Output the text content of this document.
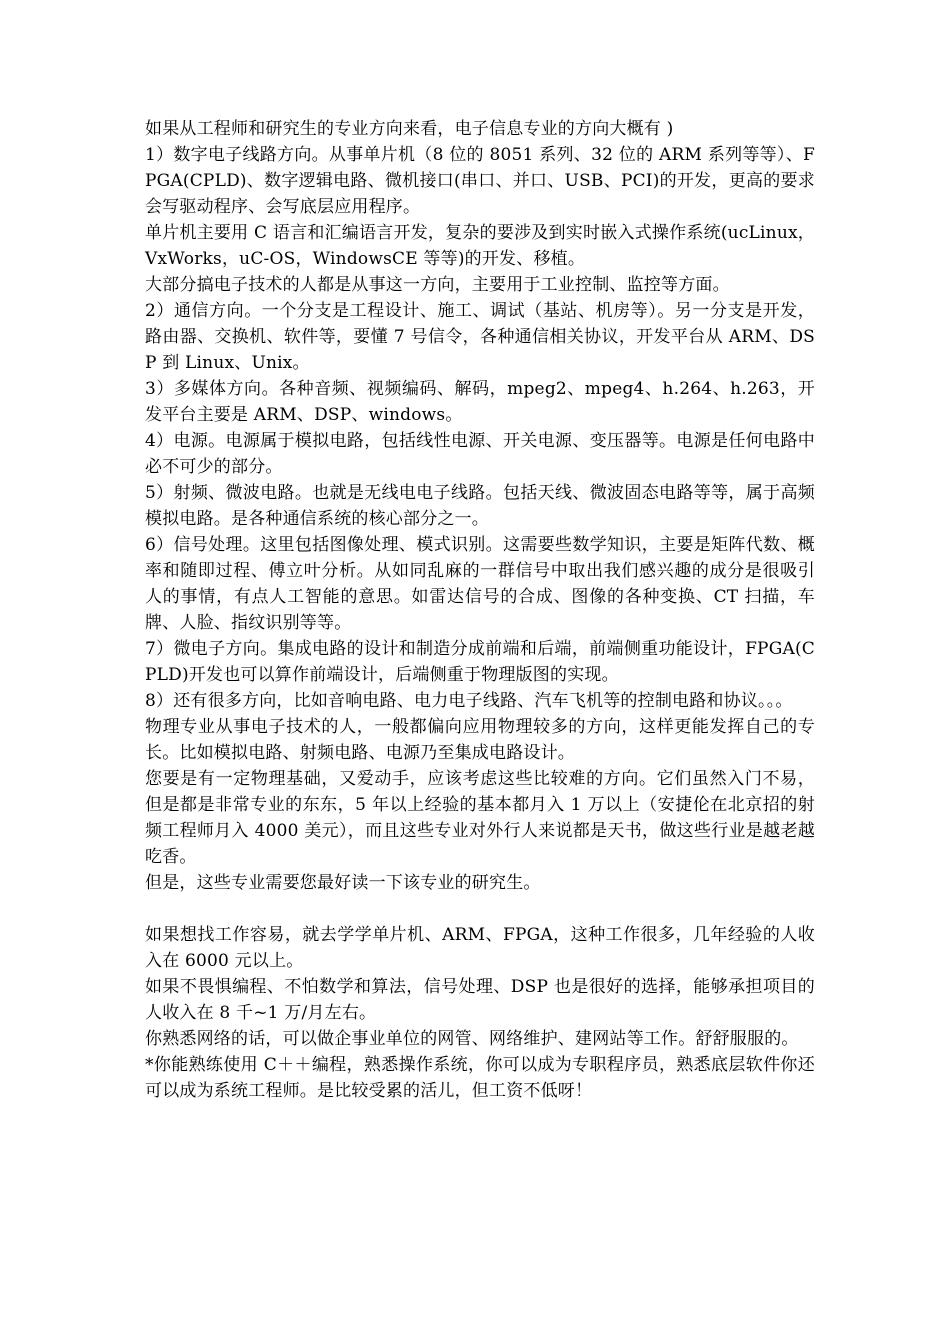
如果从工程师和研究生的专业方向来看，电子信息专业的方向大概有 )

1）数字电子线路方向。从事单片机（8 位的 8051 系列、32 位的 ARM 系列等等）、FPGA(CPLD)、数字逻辑电路、微机接口(串口、并口、USB、PCI)的开发，更高的要求会写驱动程序、会写底层应用程序。

单片机主要用 C 语言和汇编语言开发，复杂的要涉及到实时嵌入式操作系统(ucLinux，VxWorks，uC-OS，WindowsCE 等等)的开发、移植。

大部分搞电子技术的人都是从事这一方向，主要用于工业控制、监控等方面。

2）通信方向。一个分支是工程设计、施工、调试（基站、机房等）。另一分支是开发，路由器、交换机、软件等，要懂 7 号信令，各种通信相关协议，开发平台从 ARM、DSP 到 Linux、Unix。

3）多媒体方向。各种音频、视频编码、解码，mpeg2、mpeg4、h.264、h.263，开发平台主要是 ARM、DSP、windows。

4）电源。电源属于模拟电路，包括线性电源、开关电源、变压器等。电源是任何电路中必不可少的部分。

5）射频、微波电路。也就是无线电电子线路。包括天线、微波固态电路等等，属于高频模拟电路。是各种通信系统的核心部分之一。

6）信号处理。这里包括图像处理、模式识别。这需要些数学知识，主要是矩阵代数、概率和随即过程、傅立叶分析。从如同乱麻的一群信号中取出我们感兴趣的成分是很吸引人的事情，有点人工智能的意思。如雷达信号的合成、图像的各种变换、CT 扫描，车牌、人脸、指纹识别等等。

7）微电子方向。集成电路的设计和制造分成前端和后端，前端侧重功能设计，FPGA(CPLD)开发也可以算作前端设计，后端侧重于物理版图的实现。

8）还有很多方向，比如音响电路、电力电子线路、汽车飞机等的控制电路和协议。。。

物理专业从事电子技术的人，一般都偏向应用物理较多的方向，这样更能发挥自己的专长。比如模拟电路、射频电路、电源乃至集成电路设计。

您要是有一定物理基础，又爱动手，应该考虑这些比较难的方向。它们虽然入门不易，但是都是非常专业的东东，5 年以上经验的基本都月入 1 万以上（安捷伦在北京招的射频工程师月入 4000 美元），而且这些专业对外行人来说都是天书，做这些行业是越老越吃香。

但是，这些专业需要您最好读一下该专业的研究生。

如果想找工作容易，就去学学单片机、ARM、FPGA，这种工作很多，几年经验的人收入在 6000 元以上。

如果不畏惧编程、不怕数学和算法，信号处理、DSP 也是很好的选择，能够承担项目的人收入在 8 千~1 万/月左右。

你熟悉网络的话，可以做企事业单位的网管、网络维护、建网站等工作。舒舒服服的。

*你能熟练使用 C＋＋编程，熟悉操作系统，你可以成为专职程序员，熟悉底层软件你还可以成为系统工程师。是比较受累的活儿，但工资不低呀！
